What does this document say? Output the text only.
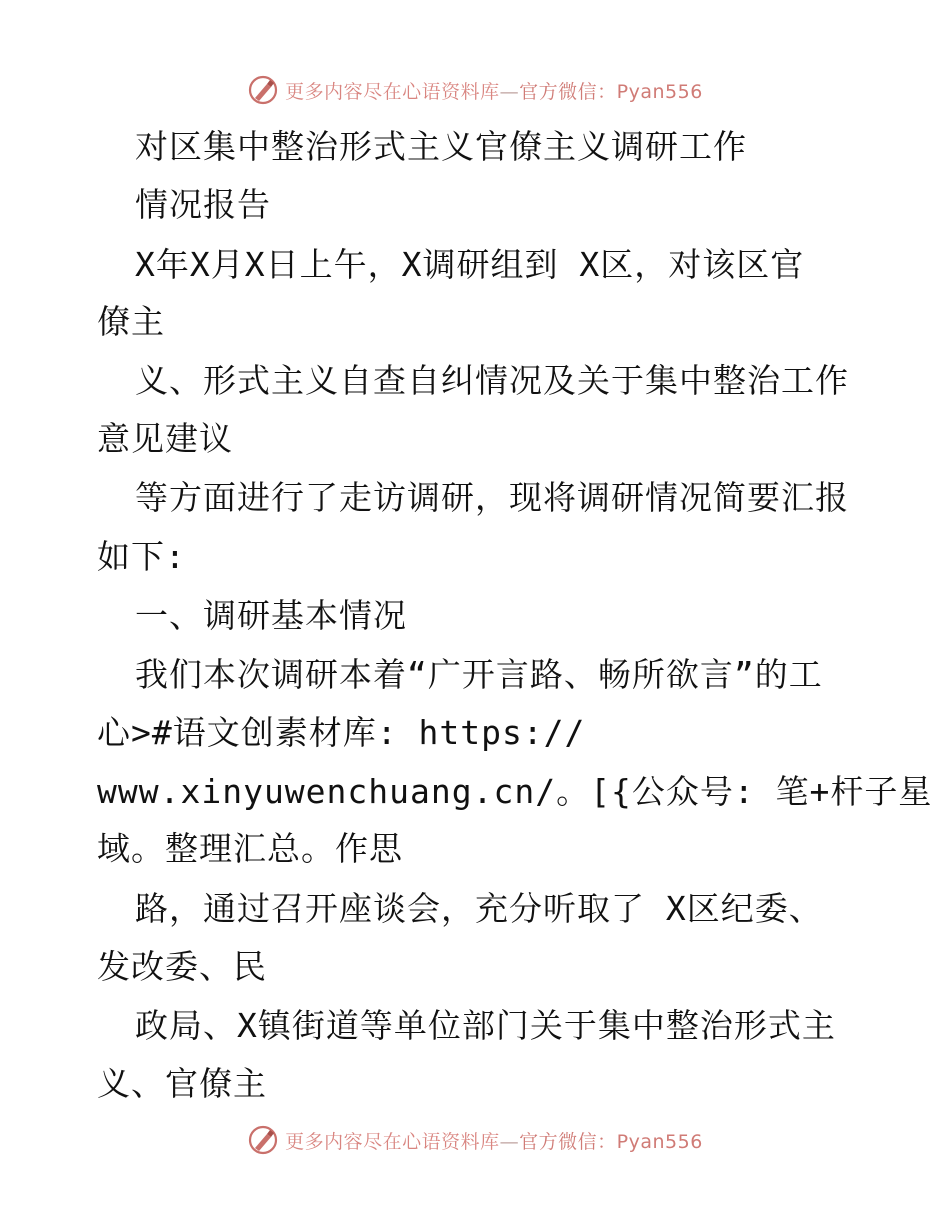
更多内容尽在心语资料库—官方微信：Pyan556
对区集中整治形式主义官僚主义调研工作
情况报告
X年X月X日上午，X调研组到 X区，对该区官
僚主
义、形式主义自查自纠情况及关于集中整治工作
意见建议
等方面进行了走访调研，现将调研情况简要汇报
如下:
一、调研基本情况
我们本次调研本着“广开言路、畅所欲言”的工
心>#语文创素材库: https://
www.xinyuwenchuang.cn/。[{公众号: 笔+杆子星
域。整理汇总。作思
路，通过召开座谈会，充分听取了 X区纪委、
发改委、民
政局、X镇街道等单位部门关于集中整治形式主
义、官僚主
更多内容尽在心语资料库—官方微信：Pyan556
